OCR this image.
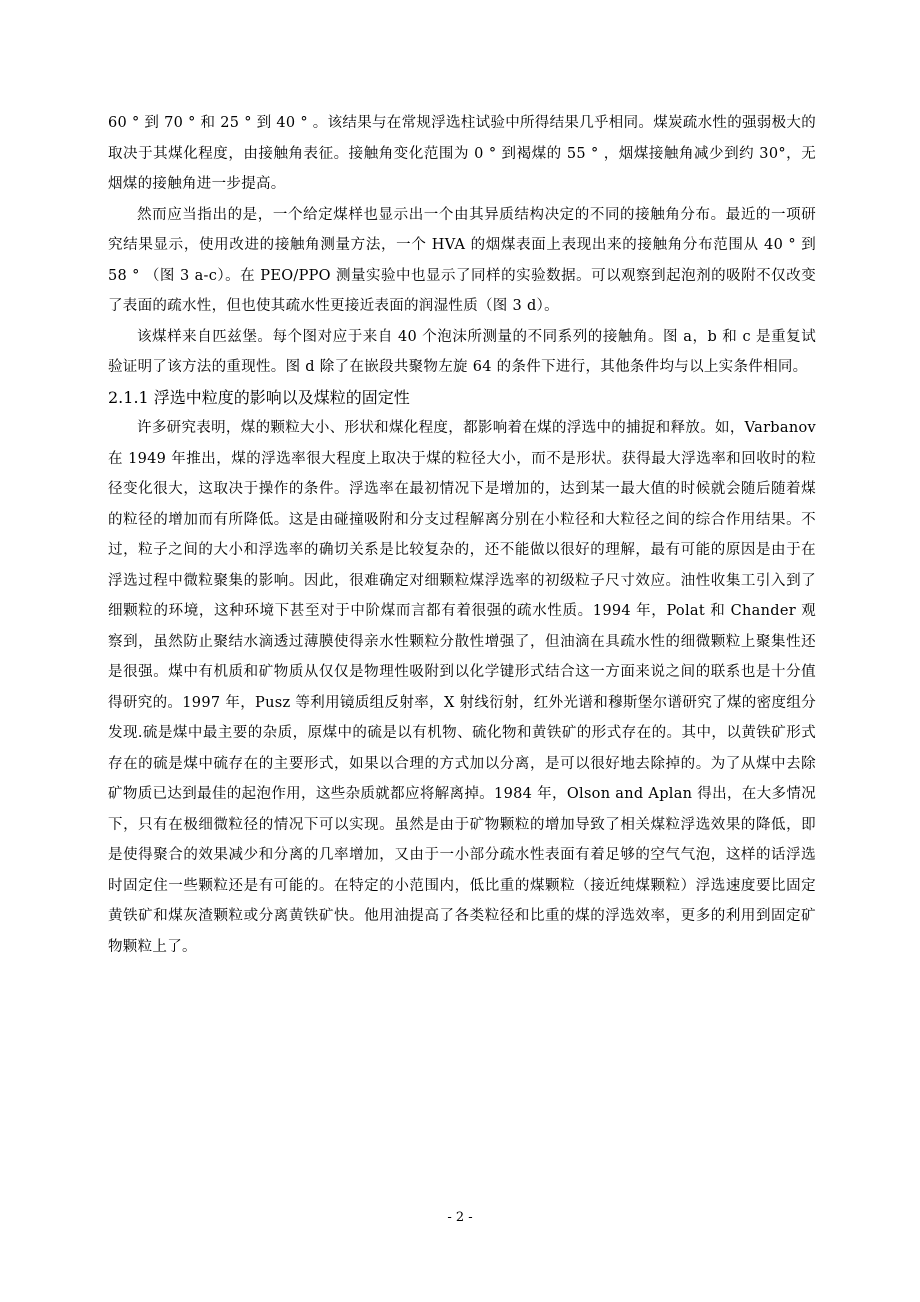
60 ° 到 70 ° 和 25 ° 到 40 ° 。该结果与在常规浮选柱试验中所得结果几乎相同。煤炭疏水性的强弱极大的取决于其煤化程度，由接触角表征。接触角变化范围为 0 ° 到褐煤的 55 ° ，烟煤接触角减少到约 30°，无烟煤的接触角进一步提高。

然而应当指出的是，一个给定煤样也显示出一个由其异质结构决定的不同的接触角分布。最近的一项研究结果显示，使用改进的接触角测量方法，一个 HVA 的烟煤表面上表现出来的接触角分布范围从 40 ° 到 58 ° （图 3 a-c）。在 PEO/PPO 测量实验中也显示了同样的实验数据。可以观察到起泡剂的吸附不仅改变了表面的疏水性，但也使其疏水性更接近表面的润湿性质（图 3 d）。

该煤样来自匹兹堡。每个图对应于来自 40 个泡沫所测量的不同系列的接触角。图 a，b 和 c 是重复试验证明了该方法的重现性。图 d 除了在嵌段共聚物左旋 64 的条件下进行，其他条件均与以上实条件相同。

2.1.1 浮选中粒度的影响以及煤粒的固定性

许多研究表明，煤的颗粒大小、形状和煤化程度，都影响着在煤的浮选中的捕捉和释放。如，Varbanov 在 1949 年推出，煤的浮选率很大程度上取决于煤的粒径大小，而不是形状。获得最大浮选率和回收时的粒径变化很大，这取决于操作的条件。浮选率在最初情况下是增加的，达到某一最大值的时候就会随后随着煤的粒径的增加而有所降低。这是由碰撞吸附和分支过程解离分别在小粒径和大粒径之间的综合作用结果。不过，粒子之间的大小和浮选率的确切关系是比较复杂的，还不能做以很好的理解，最有可能的原因是由于在浮选过程中微粒聚集的影响。因此，很难确定对细颗粒煤浮选率的初级粒子尺寸效应。油性收集工引入到了细颗粒的环境，这种环境下甚至对于中阶煤而言都有着很强的疏水性质。1994 年，Polat 和 Chander 观察到，虽然防止聚结水滴透过薄膜使得亲水性颗粒分散性增强了，但油滴在具疏水性的细微颗粒上聚集性还是很强。煤中有机质和矿物质从仅仅是物理性吸附到以化学键形式结合这一方面来说之间的联系也是十分值得研究的。1997 年，Pusz 等利用镜质组反射率，X 射线衍射，红外光谱和穆斯堡尔谱研究了煤的密度组分发现.硫是煤中最主要的杂质，原煤中的硫是以有机物、硫化物和黄铁矿的形式存在的。其中，以黄铁矿形式存在的硫是煤中硫存在的主要形式，如果以合理的方式加以分离，是可以很好地去除掉的。为了从煤中去除矿物质已达到最佳的起泡作用，这些杂质就都应将解离掉。1984 年，Olson and Aplan 得出，在大多情况下，只有在极细微粒径的情况下可以实现。虽然是由于矿物颗粒的增加导致了相关煤粒浮选效果的降低，即是使得聚合的效果减少和分离的几率增加，又由于一小部分疏水性表面有着足够的空气气泡，这样的话浮选时固定住一些颗粒还是有可能的。在特定的小范围内，低比重的煤颗粒（接近纯煤颗粒）浮选速度要比固定黄铁矿和煤灰渣颗粒或分离黄铁矿快。他用油提高了各类粒径和比重的煤的浮选效率，更多的利用到固定矿物颗粒上了。

- 2 -
